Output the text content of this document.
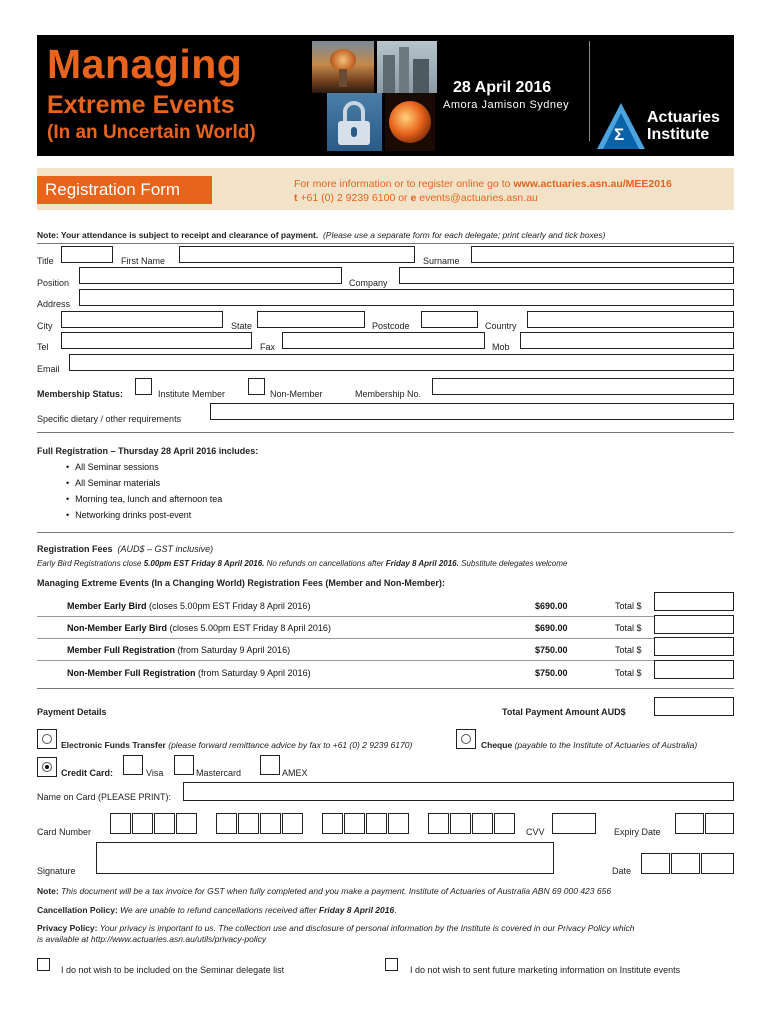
Managing
Extreme Events
(In an Uncertain World)
28 April 2016
Amora Jamison Sydney
Σ
Actuaries
Institute
Registration Form	For more information or to register online go to www.actuaries.asn.au/MEE2016
t +61 (0) 2 9239 6100 or e events@actuaries.asn.au
Note: Your attendance is subject to receipt and clearance of payment. (Please use a separate form for each delegate; print clearly and tick boxes)
Title	First Name	Surname
Position	Company
Address
City	State	Postcode	Country
Tel	Fax	Mob
Email
Membership Status:	Institute Member	Non-Member	Membership No.
Specific dietary / other requirements
Full Registration – Thursday 28 April 2016 includes:
• All Seminar sessions
• All Seminar materials
• Morning tea, lunch and afternoon tea
• Networking drinks post-event
Registration Fees (AUD$ – GST inclusive)
Early Bird Registrations close 5.00pm EST Friday 8 April 2016. No refunds on cancellations after Friday 8 April 2016. Substitute delegates welcome
Managing Extreme Events (In a Changing World) Registration Fees (Member and Non-Member):
Member Early Bird (closes 5.00pm EST Friday 8 April 2016)	$690.00	Total $
Non-Member Early Bird (closes 5.00pm EST Friday 8 April 2016)	$690.00	Total $
Member Full Registration (from Saturday 9 April 2016)	$750.00	Total $
Non-Member Full Registration (from Saturday 9 April 2016)	$750.00	Total $
Payment Details	Total Payment Amount AUD$
Electronic Funds Transfer (please forward remittance advice by fax to +61 (0) 2 9239 6170)	Cheque (payable to the Institute of Actuaries of Australia)
Credit Card:	Visa	Mastercard	AMEX
Name on Card (PLEASE PRINT):
Card Number	CVV	Expiry Date
Signature	Date
Note: This document will be a tax invoice for GST when fully completed and you make a payment. Institute of Actuaries of Australia ABN 69 000 423 656
Cancellation Policy: We are unable to refund cancellations received after Friday 8 April 2016.
Privacy Policy: Your privacy is important to us. The collection use and disclosure of personal information by the Institute is covered in our Privacy Policy which
is available at http://www.actuaries.asn.au/utils/privacy-policy
I do not wish to be included on the Seminar delegate list	I do not wish to sent future marketing information on Institute events
